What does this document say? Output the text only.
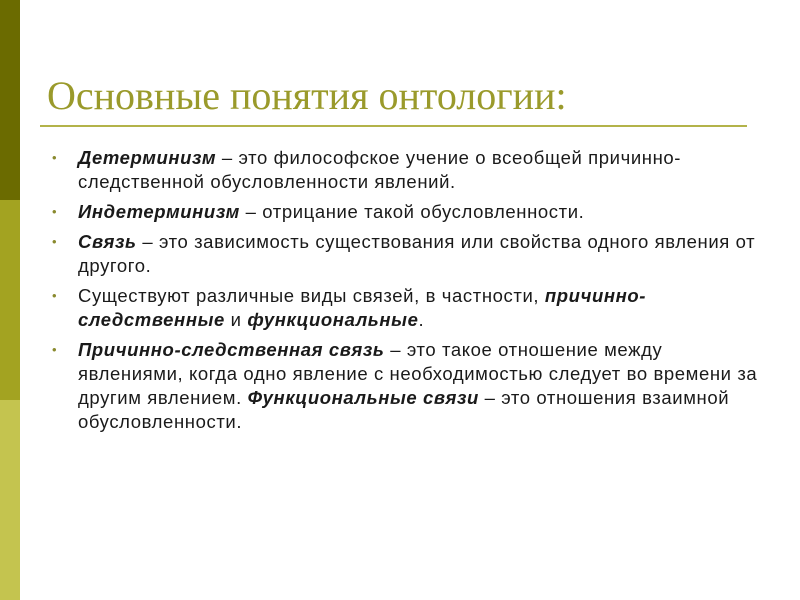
Основные понятия онтологии:
•	Детерминизм – это философское учение о всеобщей причинно-следственной обусловленности явлений.
•	Индетерминизм – отрицание такой обусловленности.
•	Связь – это зависимость существования или свойства одного явления от другого.
•	Существуют различные виды связей, в частности, причинно-следственные и функциональные.
•	Причинно-следственная связь – это такое отношение между явлениями, когда одно явление с необходимостью следует во времени за другим явлением. Функциональные связи – это отношения взаимной обусловленности.
